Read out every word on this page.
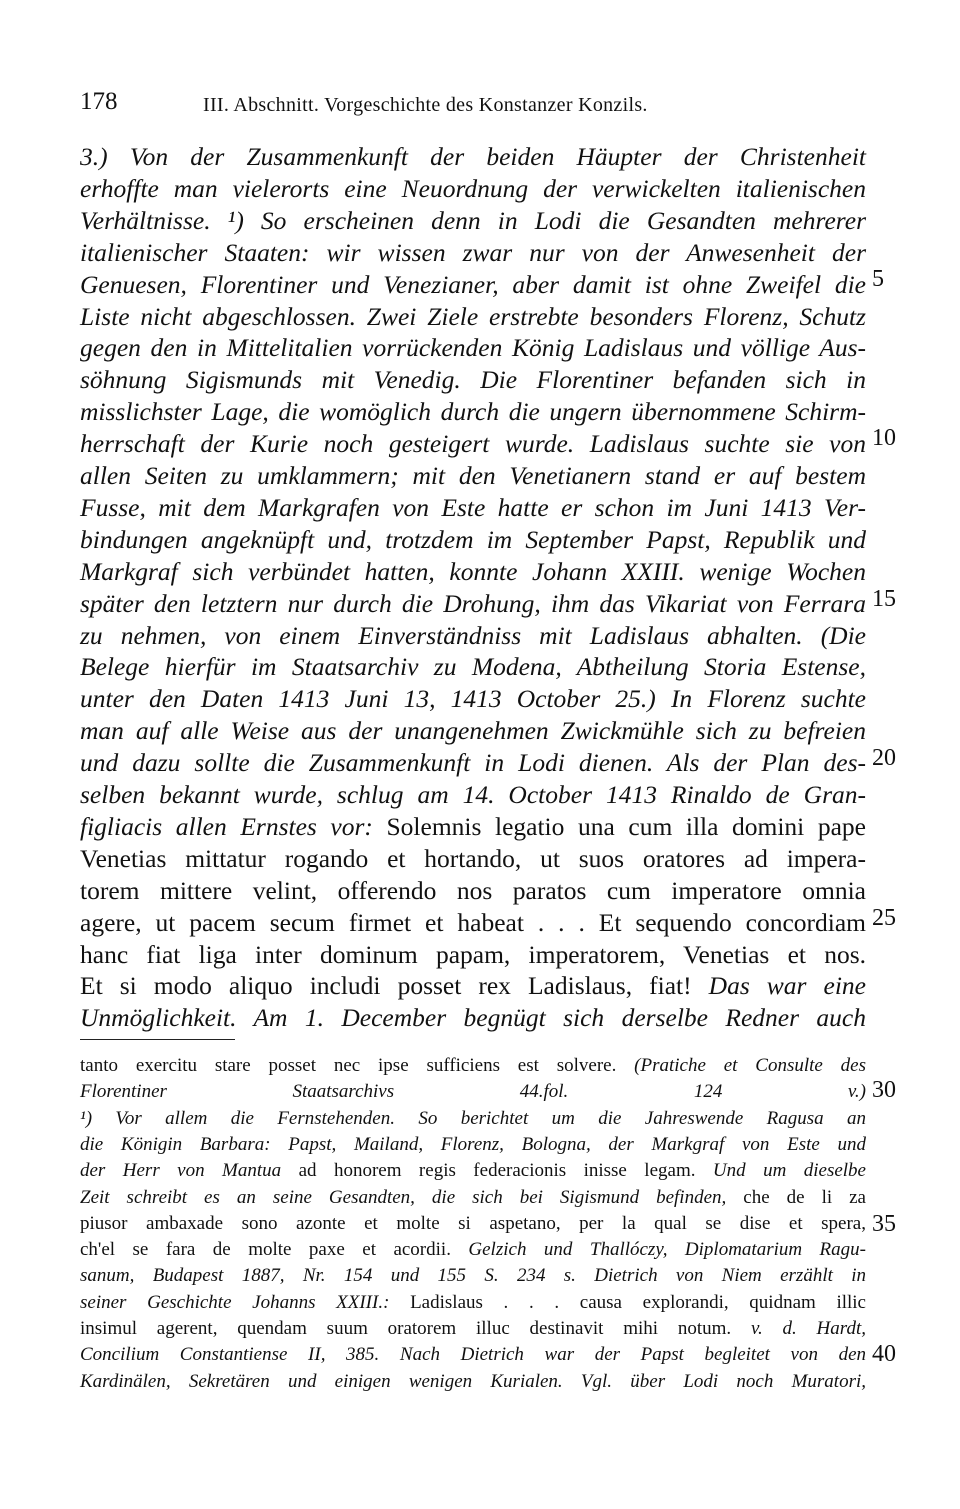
178	III. Abschnitt. Vorgeschichte des Konstanzer Konzils.
3.) Von der Zusammenkunft der beiden Häupter der Christenheit
erhoffte man vielerorts eine Neuordnung der verwickelten italienischen
Verhältnisse. ¹) So erscheinen denn in Lodi die Gesandten mehrerer
italienischer Staaten: wir wissen zwar nur von der Anwesenheit der
Genuesen, Florentiner und Venezianer, aber damit ist ohne Zweifel die
Liste nicht abgeschlossen. Zwei Ziele erstrebte besonders Florenz, Schutz
gegen den in Mittelitalien vorrückenden König Ladislaus und völlige Aus-
söhnung Sigismunds mit Venedig. Die Florentiner befanden sich in
misslichster Lage, die womöglich durch die ungern übernommene Schirm-
herrschaft der Kurie noch gesteigert wurde. Ladislaus suchte sie von
allen Seiten zu umklammern; mit den Venetianern stand er auf bestem
Fusse, mit dem Markgrafen von Este hatte er schon im Juni 1413 Ver-
bindungen angeknüpft und, trotzdem im September Papst, Republik und
Markgraf sich verbündet hatten, konnte Johann XXIII. wenige Wochen
später den letztern nur durch die Drohung, ihm das Vikariat von Ferrara
zu nehmen, von einem Einverständniss mit Ladislaus abhalten. (Die
Belege hierfür im Staatsarchiv zu Modena, Abtheilung Storia Estense,
unter den Daten 1413 Juni 13, 1413 October 25.) In Florenz suchte
man auf alle Weise aus der unangenehmen Zwickmühle sich zu befreien
und dazu sollte die Zusammenkunft in Lodi dienen. Als der Plan des-
selben bekannt wurde, schlug am 14. October 1413 Rinaldo de Gran-
figliacis allen Ernstes vor: Solemnis legatio una cum illa domini pape
Venetias mittatur rogando et hortando, ut suos oratores ad impera-
torem mittere velint, offerendo nos paratos cum imperatore omnia
agere, ut pacem secum firmet et habeat . . . Et sequendo concordiam
hanc fiat liga inter dominum papam, imperatorem, Venetias et nos.
Et si modo aliquo includi posset rex Ladislaus, fiat! Das war eine
Unmöglichkeit. Am 1. December begnügt sich derselbe Redner auch
5
10
15
20
25
tanto exercitu stare posset nec ipse sufficiens est solvere. (Pratiche et Consulte des
Florentiner Staatsarchivs 44.fol. 124 v.)
¹) Vor allem die Fernstehenden. So berichtet um die Jahreswende Ragusa an
die Königin Barbara: Papst, Mailand, Florenz, Bologna, der Markgraf von Este und
der Herr von Mantua ad honorem regis federacionis inisse legam. Und um dieselbe
Zeit schreibt es an seine Gesandten, die sich bei Sigismund befinden, che de li za
piusor ambaxade sono azonte et molte si aspetano, per la qual se dise et spera,
ch'el se fara de molte paxe et acordii. Gelzich und Thallóczy, Diplomatarium Ragu-
sanum, Budapest 1887, Nr. 154 und 155 S. 234 s. Dietrich von Niem erzählt in
seiner Geschichte Johanns XXIII.: Ladislaus . . . causa explorandi, quidnam illic
insimul agerent, quendam suum oratorem illuc destinavit mihi notum. v. d. Hardt,
Concilium Constantiense II, 385. Nach Dietrich war der Papst begleitet von den
Kardinälen, Sekretären und einigen wenigen Kurialen. Vgl. über Lodi noch Muratori,
30
35
40
